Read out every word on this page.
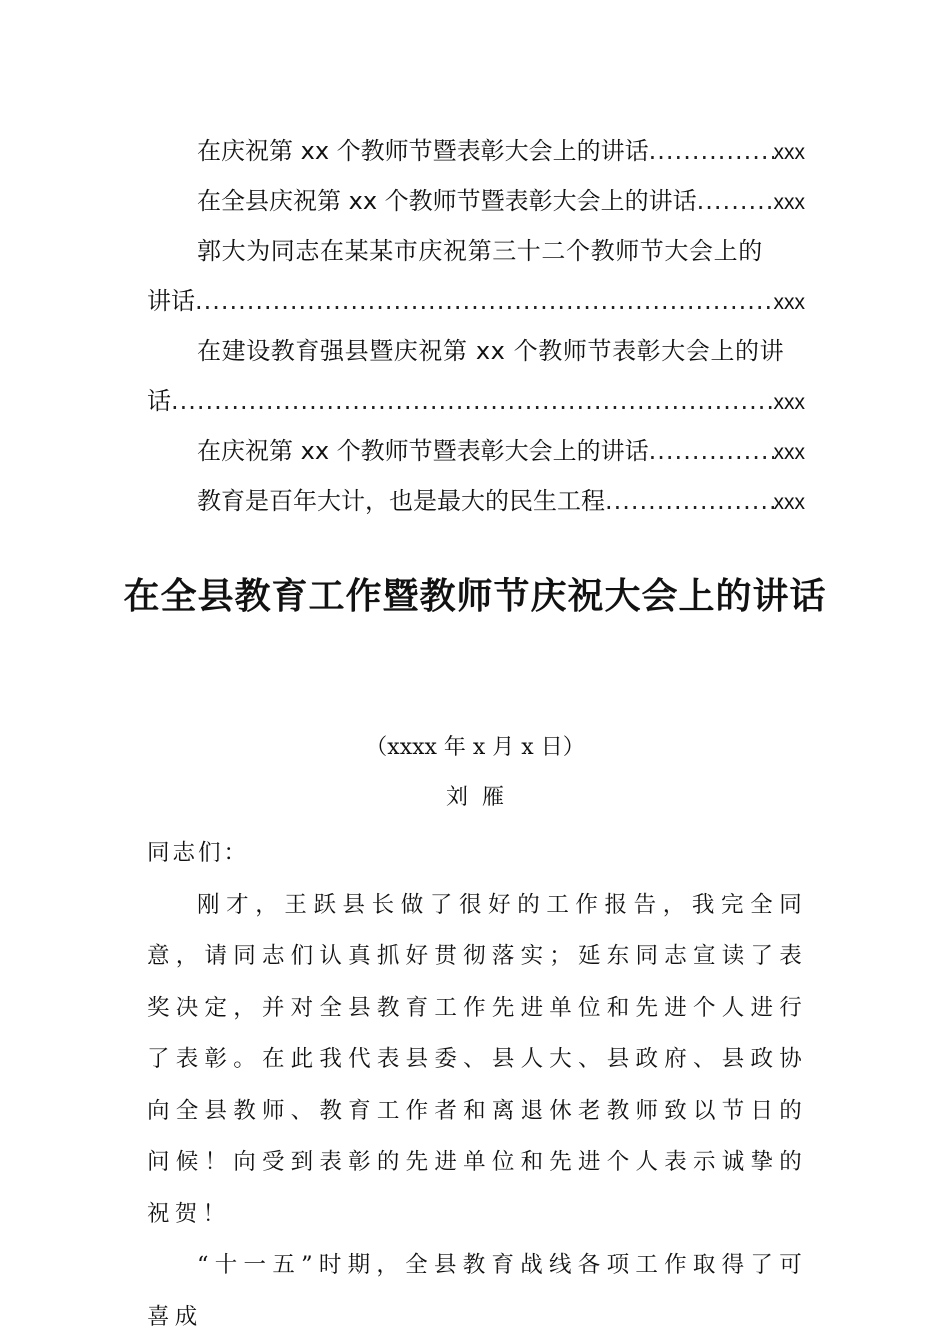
在庆祝第 xx 个教师节暨表彰大会上的讲话 .....	xxx
在全县庆祝第 xx 个教师节暨表彰大会上的讲话 .....	xxx
郭大为同志在某某市庆祝第三十二个教师节大会上的
讲话 .....	xxx
在建设教育强县暨庆祝第 xx 个教师节表彰大会上的讲
话 .....	xxx
在庆祝第 xx 个教师节暨表彰大会上的讲话 .....	xxx
教育是百年大计，也是最大的民生工程 .....	xxx
在全县教育工作暨教师节庆祝大会上的讲话
（xxxx 年 x 月 x 日）
刘雁
同志们：

刚才，王跃县长做了很好的工作报告，我完全同意，请同志们认真抓好贯彻落实；延东同志宣读了表奖决定，并对全县教育工作先进单位和先进个人进行了表彰。在此我代表县委、县人大、县政府、县政协向全县教师、教育工作者和离退休老教师致以节日的问候！向受到表彰的先进单位和先进个人表示诚挚的祝贺！

“十一五”时期，全县教育战线各项工作取得了可喜成
